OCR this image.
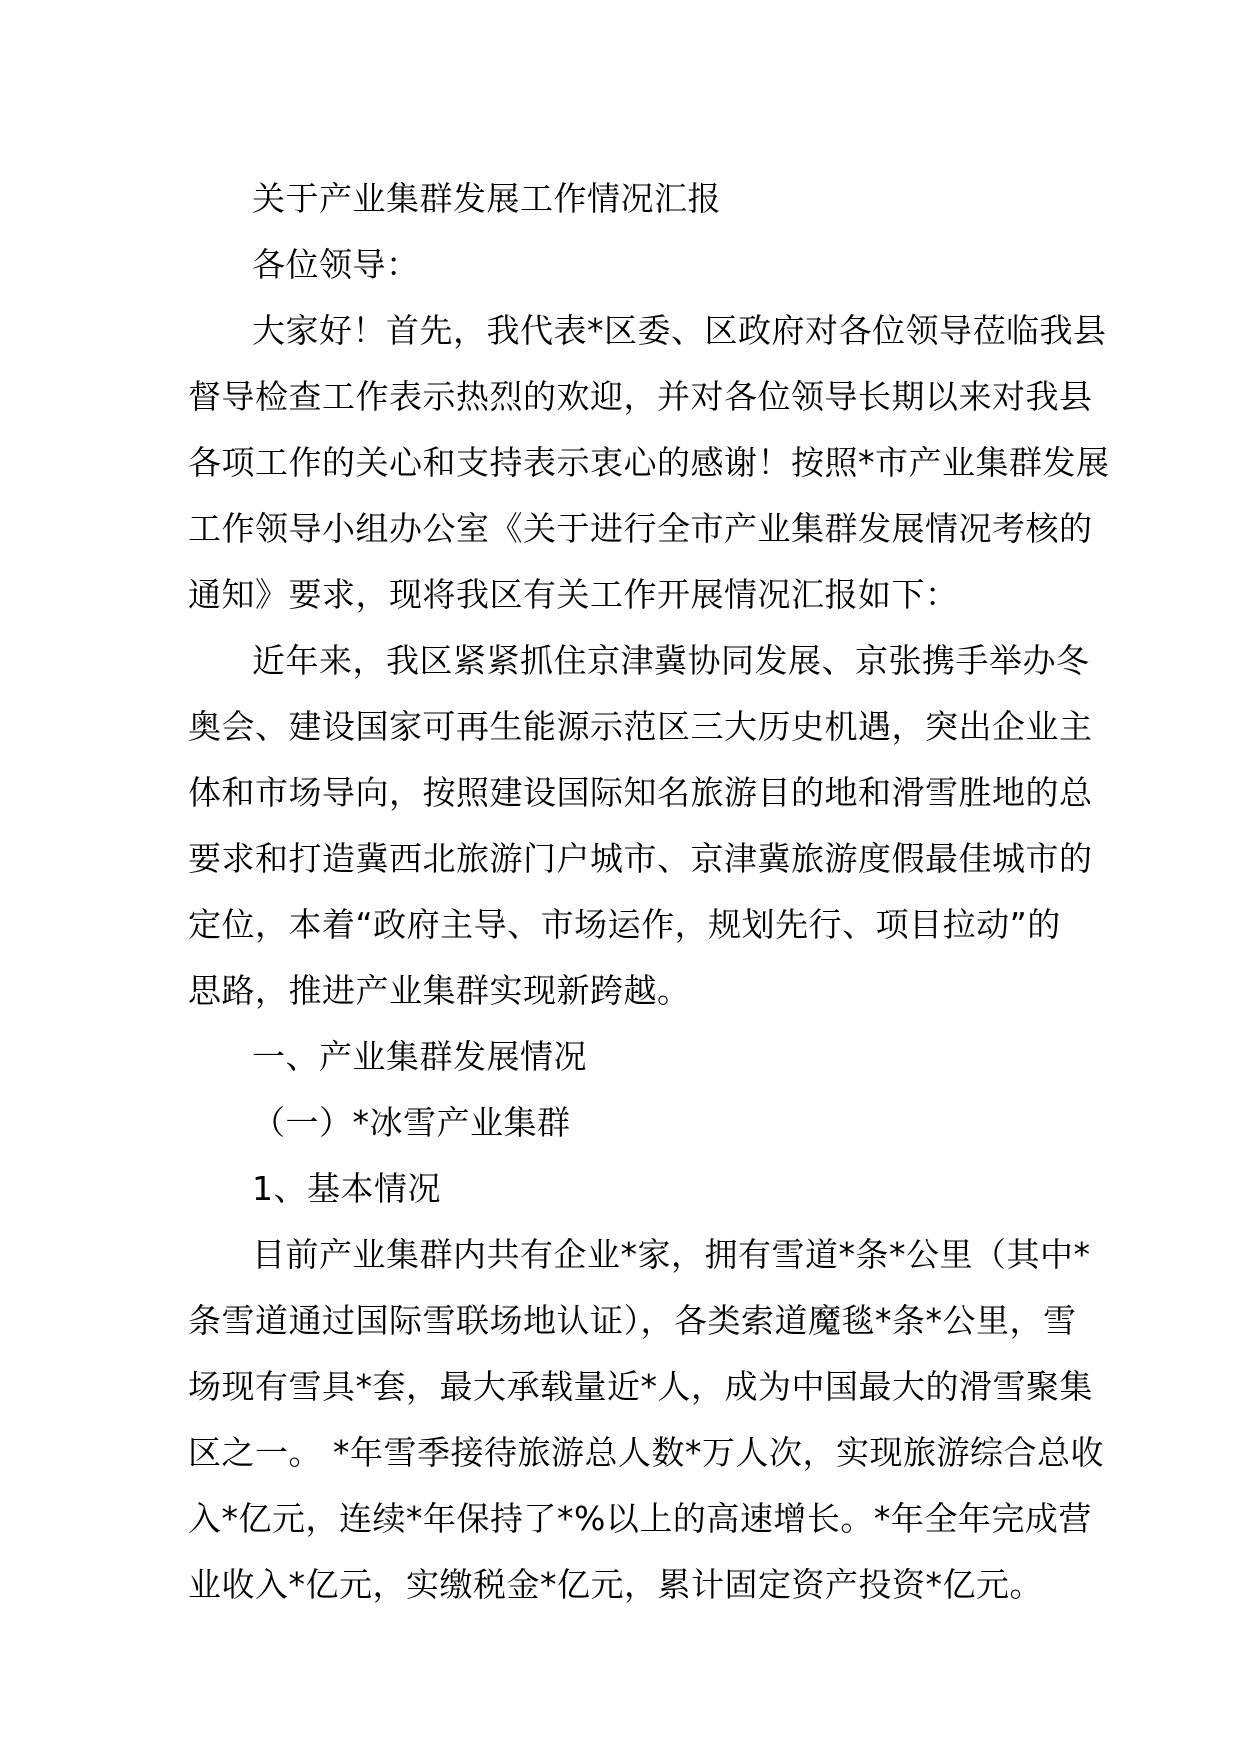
关于产业集群发展工作情况汇报
各位领导：
大家好！首先，我代表*区委、区政府对各位领导莅临我县
督导检查工作表示热烈的欢迎，并对各位领导长期以来对我县
各项工作的关心和支持表示衷心的感谢！按照*市产业集群发展
工作领导小组办公室《关于进行全市产业集群发展情况考核的
通知》要求，现将我区有关工作开展情况汇报如下：
近年来，我区紧紧抓住京津冀协同发展、京张携手举办冬
奥会、建设国家可再生能源示范区三大历史机遇，突出企业主
体和市场导向，按照建设国际知名旅游目的地和滑雪胜地的总
要求和打造冀西北旅游门户城市、京津冀旅游度假最佳城市的
定位，本着“政府主导、市场运作，规划先行、项目拉动”的
思路，推进产业集群实现新跨越。
一、产业集群发展情况
（一）*冰雪产业集群
1、基本情况
目前产业集群内共有企业*家，拥有雪道*条*公里（其中*
条雪道通过国际雪联场地认证），各类索道魔毯*条*公里，雪
场现有雪具*套，最大承载量近*人，成为中国最大的滑雪聚集
区之一。 *年雪季接待旅游总人数*万人次，实现旅游综合总收
入*亿元，连续*年保持了*%以上的高速增长。*年全年完成营
业收入*亿元，实缴税金*亿元，累计固定资产投资*亿元。
